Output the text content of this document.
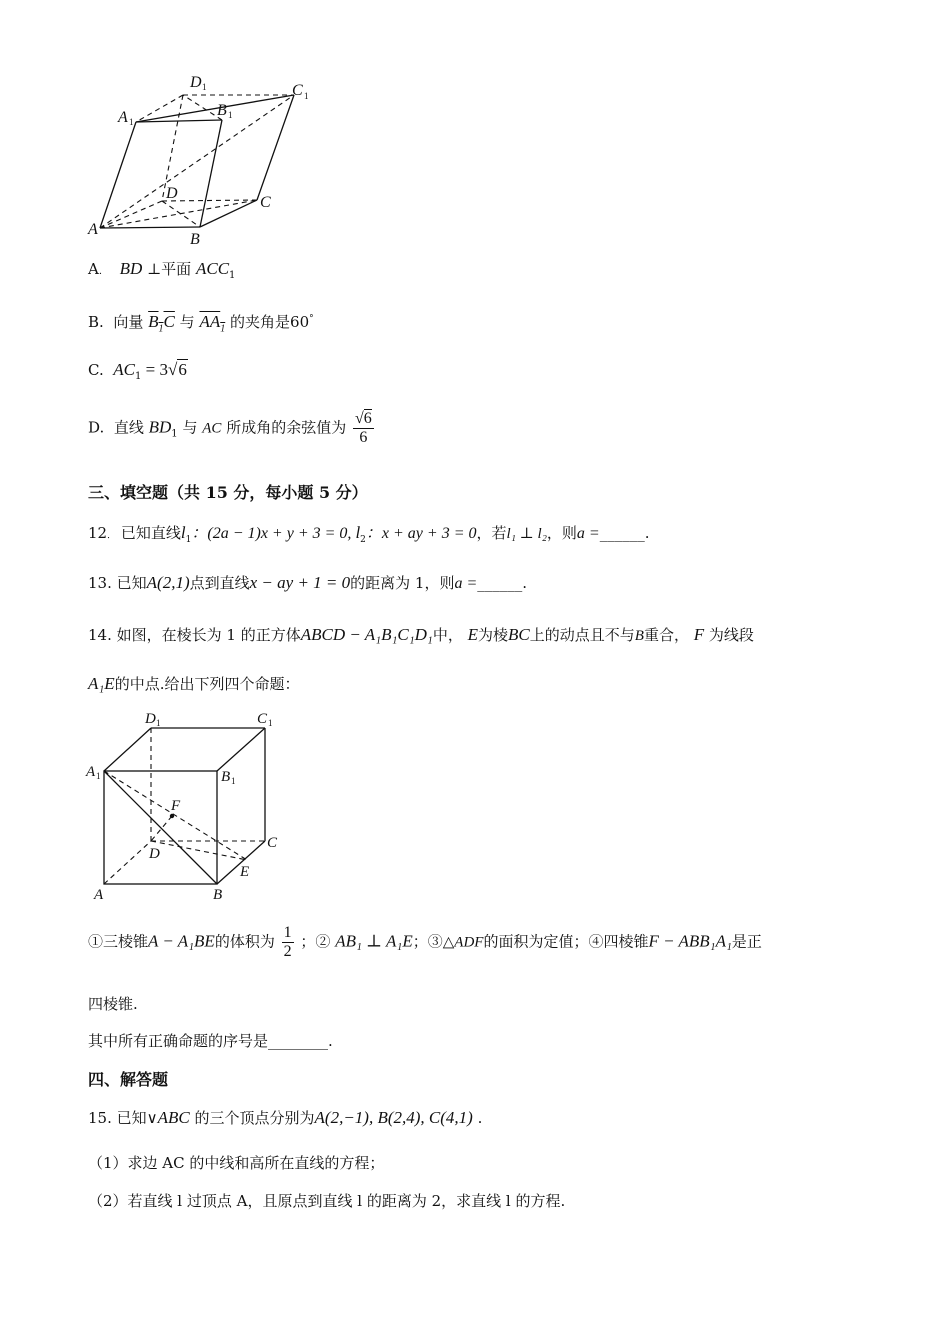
D 1	C 1
A 1
B 1
D
C
A
B
A． BD ⊥平面 $ACC_1$
B. 向量 $B_1C$ 与 $AA_1$ 的夹角是60°
C. $AC_1 = 3√6$
D. 直线 $BD_1$ 与 AC 所成角的余弦值为 $\frac{√6}{6}$
三、填空题（共 15 分，每小题 5 分）
12． 已知直线$l_1$：(2a − 1)x + y + 3 = 0, $l_2$：x + ay + 3 = 0，若l₁ ⊥ l₂，则a =______.
13. 已知A(2,1)点到直线x − ay + 1 = 0的距离为 1，则a =______.
14. 如图，在棱长为 1 的正方体ABCD − A₁B₁C₁D₁中， E为棱BC上的动点且不与B重合， F 为线段
A₁E的中点.给出下列四个命题：
D 1	C 1
A 1	B 1
F
D
C
E
A	B
①三棱锥A − A₁BE的体积为 $\frac{1}{2}$ ；② AB₁ ⊥ A₁E；③△ADF的面积为定值；④四棱锥F − ABB₁A₁是正
四棱锥.
其中所有正确命题的序号是________.
四、解答题
15. 已知∨ABC 的三个顶点分别为A(2,−1), B(2,4), C(4,1) .
（1）求边 AC 的中线和高所在直线的方程；
（2）若直线 l 过顶点 A，且原点到直线 l 的距离为 2，求直线 l 的方程.
